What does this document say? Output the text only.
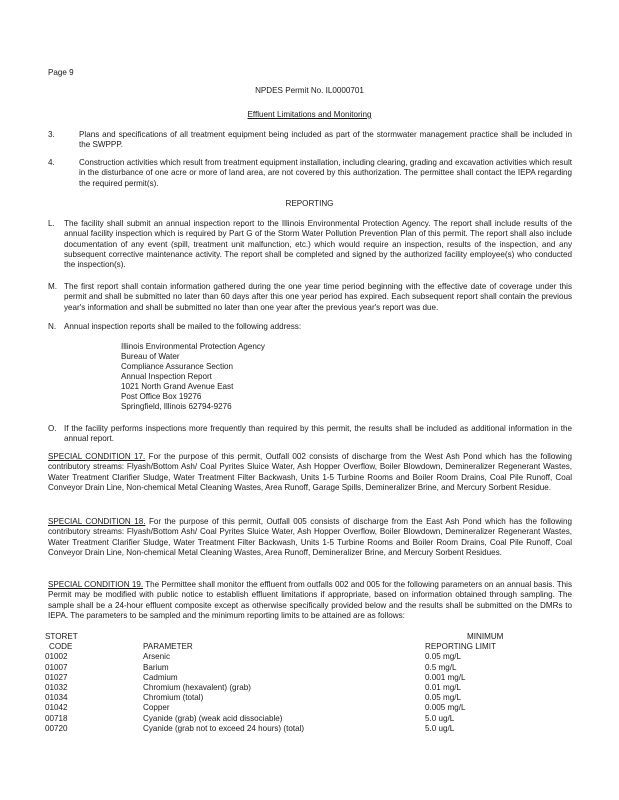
Page 9
NPDES Permit No. IL0000701
Effluent Limitations and Monitoring
3.	Plans and specifications of all treatment equipment being included as part of the stormwater management practice shall be included in the SWPPP.
4.	Construction activities which result from treatment equipment installation, including clearing, grading and excavation activities which result in the disturbance of one acre or more of land area, are not covered by this authorization. The permittee shall contact the IEPA regarding the required permit(s).
REPORTING
L. The facility shall submit an annual inspection report to the Illinois Environmental Protection Agency. The report shall include results of the annual facility inspection which is required by Part G of the Storm Water Pollution Prevention Plan of this permit. The report shall also include documentation of any event (spill, treatment unit malfunction, etc.) which would require an inspection, results of the inspection, and any subsequent corrective maintenance activity. The report shall be completed and signed by the authorized facility employee(s) who conducted the inspection(s).
M. The first report shall contain information gathered during the one year time period beginning with the effective date of coverage under this permit and shall be submitted no later than 60 days after this one year period has expired. Each subsequent report shall contain the previous year's information and shall be submitted no later than one year after the previous year's report was due.
N. Annual inspection reports shall be mailed to the following address:
Illinois Environmental Protection Agency
Bureau of Water
Compliance Assurance Section
Annual Inspection Report
1021 North Grand Avenue East
Post Office Box 19276
Springfield, Illinois 62794-9276
O. If the facility performs inspections more frequently than required by this permit, the results shall be included as additional information in the annual report.
SPECIAL CONDITION 17. For the purpose of this permit, Outfall 002 consists of discharge from the West Ash Pond which has the following contributory streams: Flyash/Bottom Ash/ Coal Pyrites Sluice Water, Ash Hopper Overflow, Boiler Blowdown, Demineralizer Regenerant Wastes, Water Treatment Clarifier Sludge, Water Treatment Filter Backwash, Units 1-5 Turbine Rooms and Boiler Room Drains, Coal Pile Runoff, Coal Conveyor Drain Line, Non-chemical Metal Cleaning Wastes, Area Runoff, Garage Spills, Demineralizer Brine, and Mercury Sorbent Residue.
SPECIAL CONDITION 18. For the purpose of this permit, Outfall 005 consists of discharge from the East Ash Pond which has the following contributory streams: Flyash/Bottom Ash/ Coal Pyrites Sluice Water, Ash Hopper Overflow, Boiler Blowdown, Demineralizer Regenerant Wastes, Water Treatment Clarifier Sludge, Water Treatment Filter Backwash, Units 1-5 Turbine Rooms and Boiler Room Drains, Coal Pile Runoff, Coal Conveyor Drain Line, Non-chemical Metal Cleaning Wastes, Area Runoff, Demineralizer Brine, and Mercury Sorbent Residues.
SPECIAL CONDITION 19. The Permittee shall monitor the effluent from outfalls 002 and 005 for the following parameters on an annual basis. This Permit may be modified with public notice to establish effluent limitations if appropriate, based on information obtained through sampling. The sample shall be a 24-hour effluent composite except as otherwise specifically provided below and the results shall be submitted on the DMRs to IEPA. The parameters to be sampled and the minimum reporting limits to be attained are as follows:
STORET		MINIMUM
CODE	PARAMETER	REPORTING LIMIT
01002	Arsenic	0.05 mg/L
01007	Barium	0.5 mg/L
01027	Cadmium	0.001 mg/L
01032	Chromium (hexavalent) (grab)	0.01 mg/L
01034	Chromium (total)	0.05 mg/L
01042	Copper	0.005 mg/L
00718	Cyanide (grab) (weak acid dissociable)	5.0 ug/L
00720	Cyanide (grab not to exceed 24 hours) (total)	5.0 ug/L
